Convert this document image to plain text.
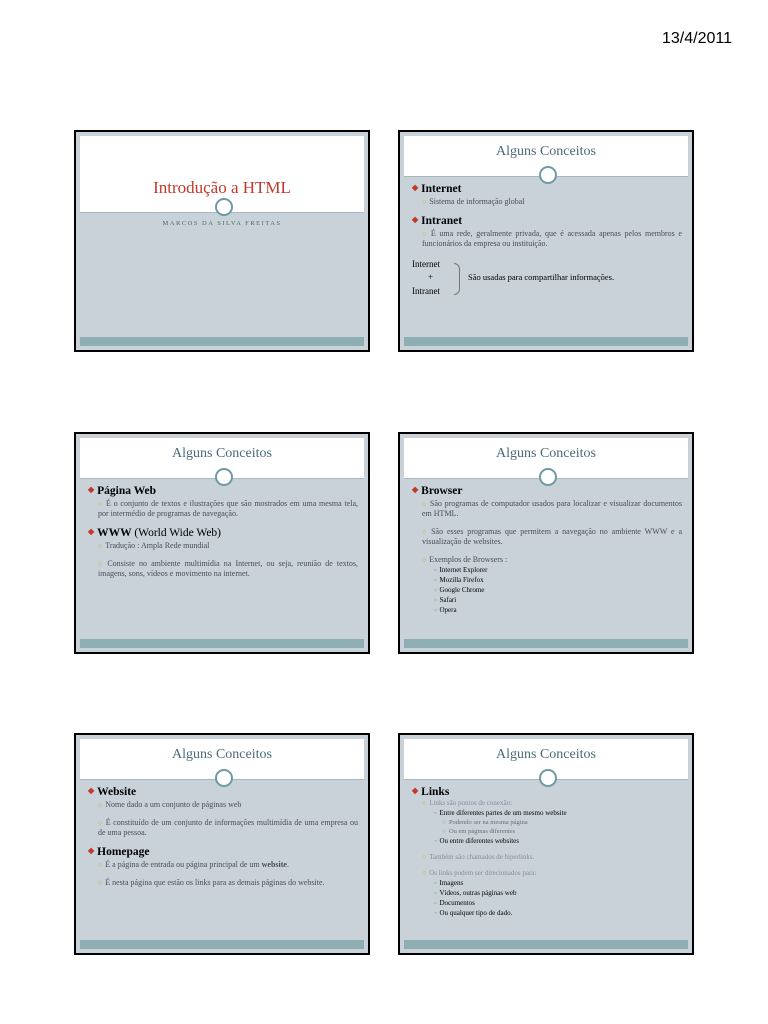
13/4/2011
Introdução a HTML
MARCOS DA SILVA FREITAS
Alguns Conceitos
◆ Internet
○ Sistema de informação global
◆ Intranet
○ É uma rede, geralmente privada, que é acessada apenas pelos membros e funcionários da empresa ou instituição.
Internet
+
Intranet
São usadas para compartilhar informações.
Alguns Conceitos
◆ Página Web
○ É o conjunto de textos e ilustrações que são mostrados em uma mesma tela, por intermédio de programas de navegação.
◆ WWW (World Wide Web)
○ Tradução : Ampla Rede mundial
○ Consiste no ambiente multimídia na Internet, ou seja, reunião de textos, imagens, sons, vídeos e movimento na internet.
Alguns Conceitos
◆ Browser
○ São programas de computador usados para localizar e visualizar documentos em HTML.
○ São esses programas que permitem a navegação no ambiente WWW e a visualização de websites.
○ Exemplos de Browsers :
▫ Internet Explorer
▫ Mozilla Firefox
▫ Google Chrome
▫ Safari
▫ Opera
Alguns Conceitos
◆ Website
○ Nome dado a um conjunto de páginas web
○ É constituído de um conjunto de informações multimídia de uma empresa ou de uma pessoa.
◆ Homepage
○ É a página de entrada ou página principal de um website.
○ É nesta página que estão os links para as demais páginas do website.
Alguns Conceitos
◆ Links
○ Links são pontos de conexão:
▫ Entre diferentes partes de um mesmo website
○ Podendo ser na mesma página
○ Ou em páginas diferentes
▫ Ou entre diferentes websites
○ Também são chamados de hiperlinks.
○ Os links podem ser direcionados para:
▫ Imagens
▫ Vídeos, outras páginas web
▫ Documentos
▫ Ou qualquer tipo de dado.
